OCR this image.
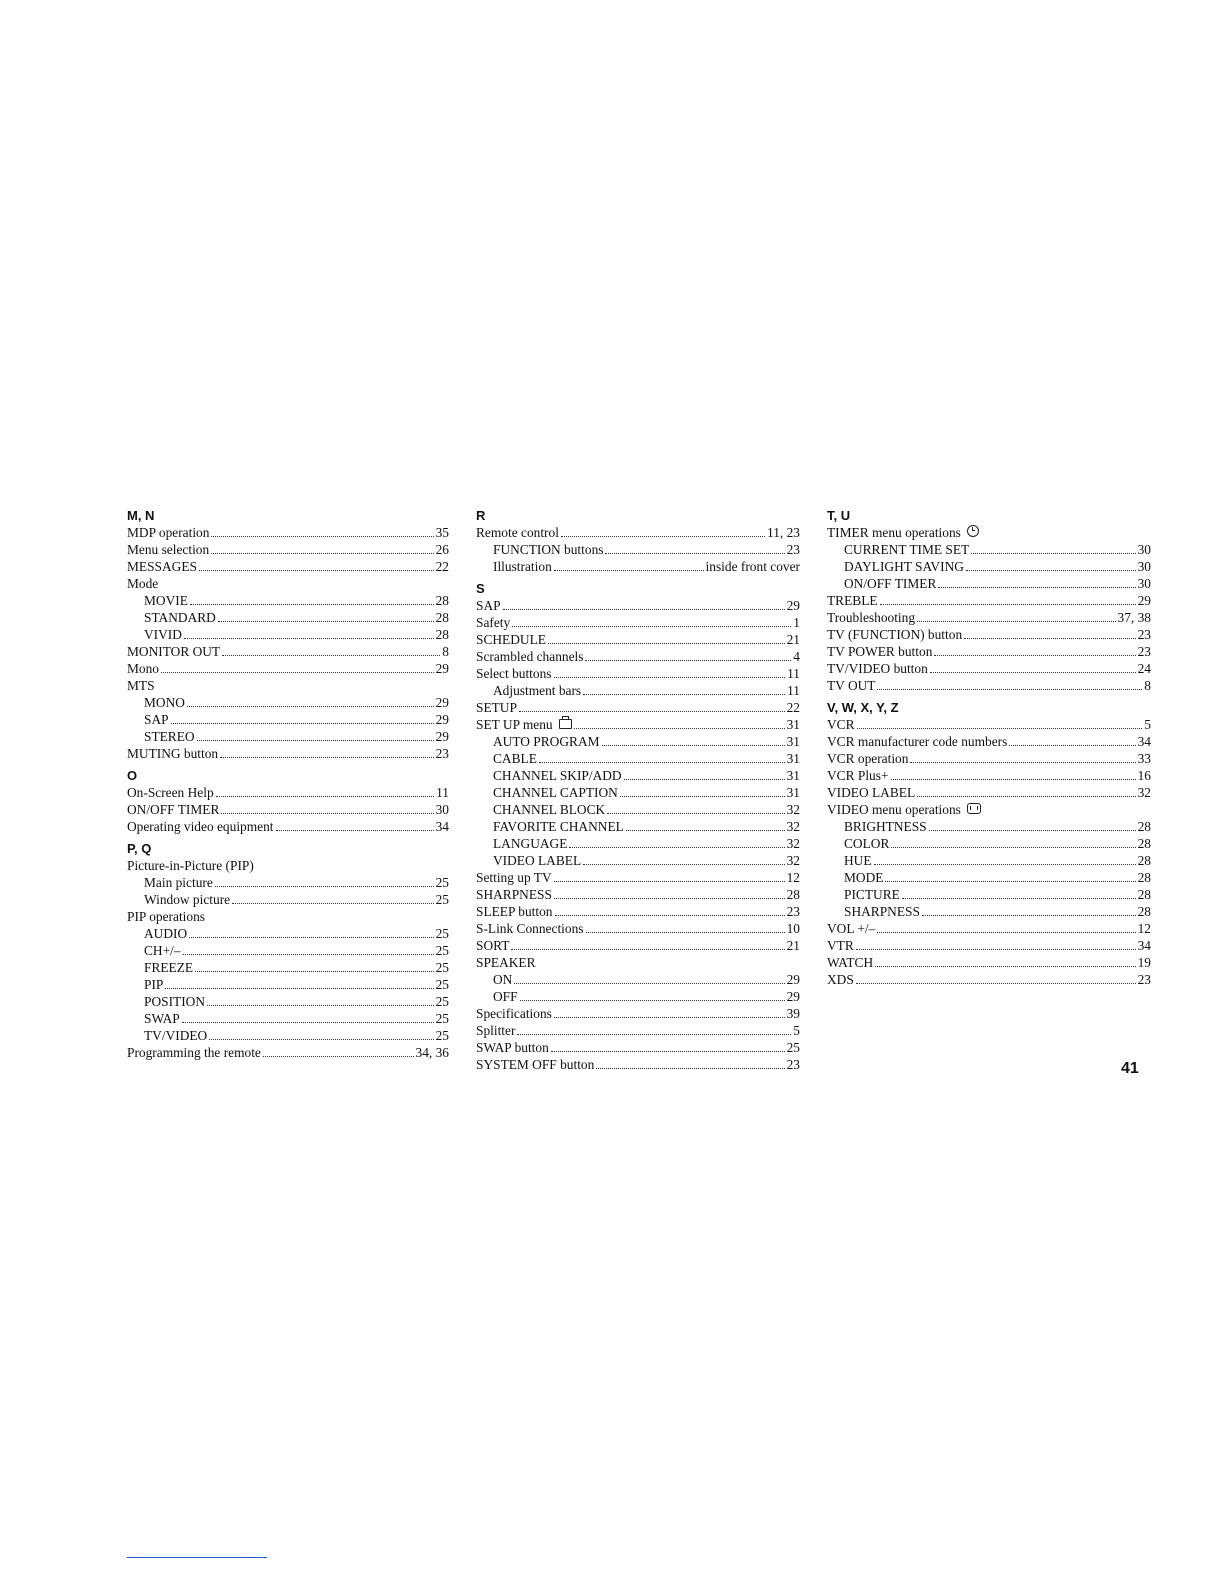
M, N
MDP operation	35
Menu selection	26
MESSAGES	22
Mode
MOVIE	28
STANDARD	28
VIVID	28
MONITOR OUT	8
Mono	29
MTS
MONO	29
SAP	29
STEREO	29
MUTING button	23
O
On-Screen Help	11
ON/OFF TIMER	30
Operating video equipment	34
P, Q
Picture-in-Picture (PIP)
Main picture	25
Window picture	25
PIP operations
AUDIO	25
CH+/–	25
FREEZE	25
PIP	25
POSITION	25
SWAP	25
TV/VIDEO	25
Programming the remote	34, 36
R
Remote control	11, 23
FUNCTION buttons	23
Illustration	inside front cover
S
SAP	29
Safety	1
SCHEDULE	21
Scrambled channels	4
Select buttons	11
Adjustment bars	11
SETUP	22
SET UP menu	31
AUTO PROGRAM	31
CABLE	31
CHANNEL SKIP/ADD	31
CHANNEL CAPTION	31
CHANNEL BLOCK	32
FAVORITE CHANNEL	32
LANGUAGE	32
VIDEO LABEL	32
Setting up TV	12
SHARPNESS	28
SLEEP button	23
S-Link Connections	10
SORT	21
SPEAKER
ON	29
OFF	29
Specifications	39
Splitter	5
SWAP button	25
SYSTEM OFF button	23
T, U
TIMER menu operations
CURRENT TIME SET	30
DAYLIGHT SAVING	30
ON/OFF TIMER	30
TREBLE	29
Troubleshooting	37, 38
TV (FUNCTION) button	23
TV POWER button	23
TV/VIDEO button	24
TV OUT	8
V, W, X, Y, Z
VCR	5
VCR manufacturer code numbers	34
VCR operation	33
VCR Plus+	16
VIDEO LABEL	32
VIDEO menu operations
BRIGHTNESS	28
COLOR	28
HUE	28
MODE	28
PICTURE	28
SHARPNESS	28
VOL +/–	12
VTR	34
WATCH	19
XDS	23
41
